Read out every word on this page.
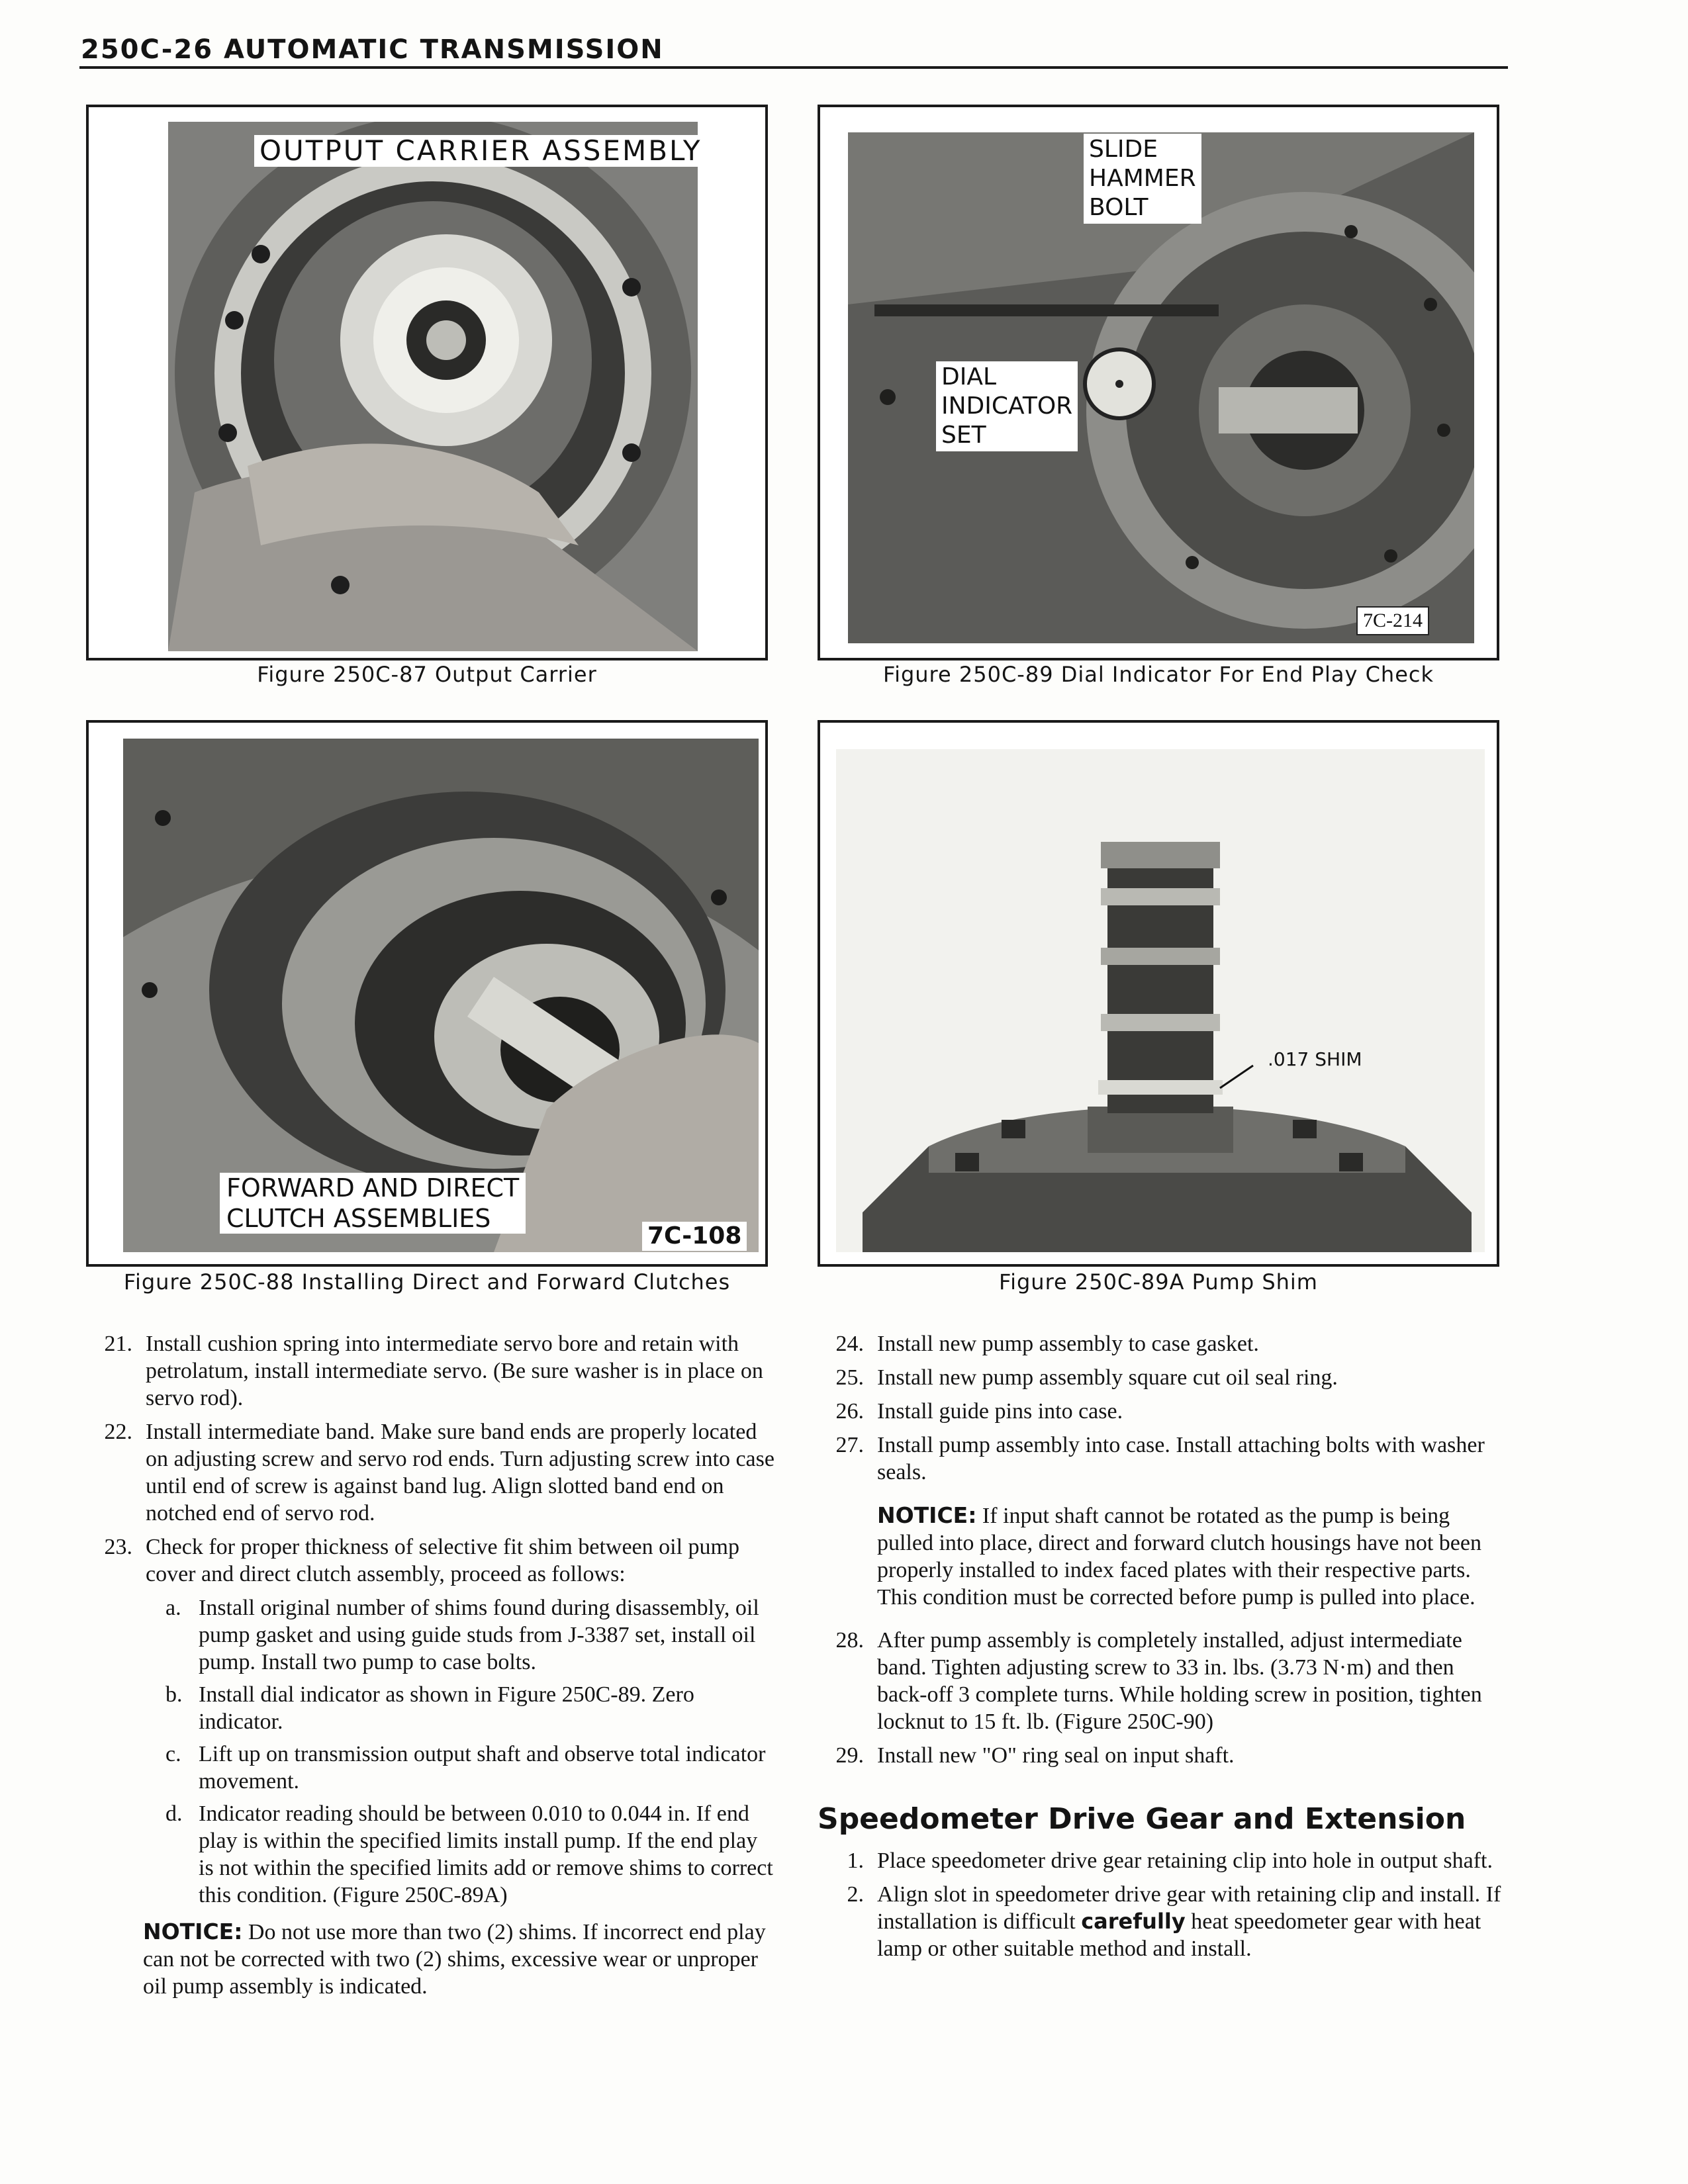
250C-26 AUTOMATIC TRANSMISSION
OUTPUT CARRIER ASSEMBLY
Figure 250C-87 Output Carrier
SLIDE
HAMMER
BOLT
DIAL
INDICATOR
SET
7C-214
Figure 250C-89 Dial Indicator For End Play Check
FORWARD AND DIRECT
CLUTCH ASSEMBLIES
7C-108
Figure 250C-88 Installing Direct and Forward Clutches
.017 SHIM
Figure 250C-89A Pump Shim
21. Install cushion spring into intermediate servo bore and retain with petrolatum, install intermediate servo. (Be sure washer is in place on servo rod).
22. Install intermediate band. Make sure band ends are properly located on adjusting screw and servo rod ends. Turn adjusting screw into case until end of screw is against band lug. Align slotted band end on notched end of servo rod.
23. Check for proper thickness of selective fit shim between oil pump cover and direct clutch assembly, proceed as follows:
a. Install original number of shims found during disassembly, oil pump gasket and using guide studs from J-3387 set, install oil pump. Install two pump to case bolts.
b. Install dial indicator as shown in Figure 250C-89. Zero indicator.
c. Lift up on transmission output shaft and observe total indicator movement.
d. Indicator reading should be between 0.010 to 0.044 in. If end play is within the specified limits install pump. If the end play is not within the specified limits add or remove shims to correct this condition. (Figure 250C-89A)
NOTICE: Do not use more than two (2) shims. If incorrect end play can not be corrected with two (2) shims, excessive wear or unproper oil pump assembly is indicated.
24. Install new pump assembly to case gasket.
25. Install new pump assembly square cut oil seal ring.
26. Install guide pins into case.
27. Install pump assembly into case. Install attaching bolts with washer seals.
NOTICE: If input shaft cannot be rotated as the pump is being pulled into place, direct and forward clutch housings have not been properly installed to index faced plates with their respective parts. This condition must be corrected before pump is pulled into place.
28. After pump assembly is completely installed, adjust intermediate band. Tighten adjusting screw to 33 in. lbs. (3.73 N·m) and then back-off 3 complete turns. While holding screw in position, tighten locknut to 15 ft. lb. (Figure 250C-90)
29. Install new "O" ring seal on input shaft.
Speedometer Drive Gear and Extension
1. Place speedometer drive gear retaining clip into hole in output shaft.
2. Align slot in speedometer drive gear with retaining clip and install. If installation is difficult carefully heat speedometer gear with heat lamp or other suitable method and install.
